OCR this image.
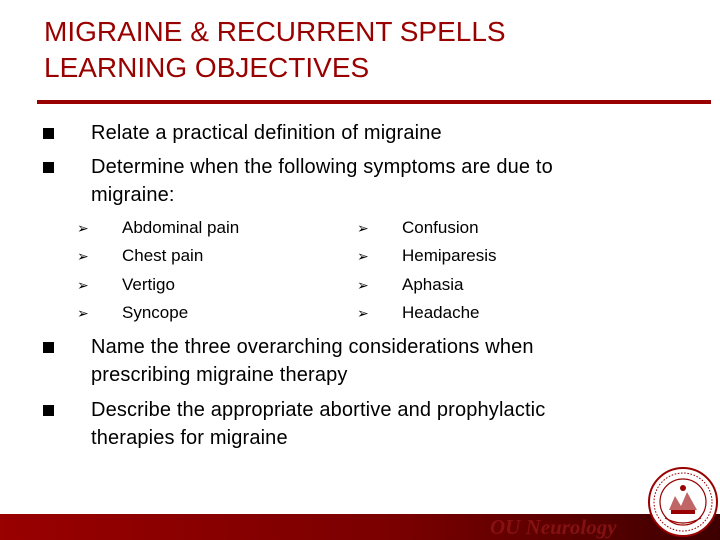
MIGRAINE & RECURRENT SPELLS
LEARNING OBJECTIVES
Relate a practical definition of migraine
Determine when the following symptoms are due to
migraine:
➢ Abdominal pain
➢ Chest pain
➢ Vertigo
➢ Syncope
➢ Confusion
➢ Hemiparesis
➢ Aphasia
➢ Headache
Name the three overarching considerations when
prescribing migraine therapy
Describe the appropriate abortive and prophylactic
therapies for migraine
OU Neurology
